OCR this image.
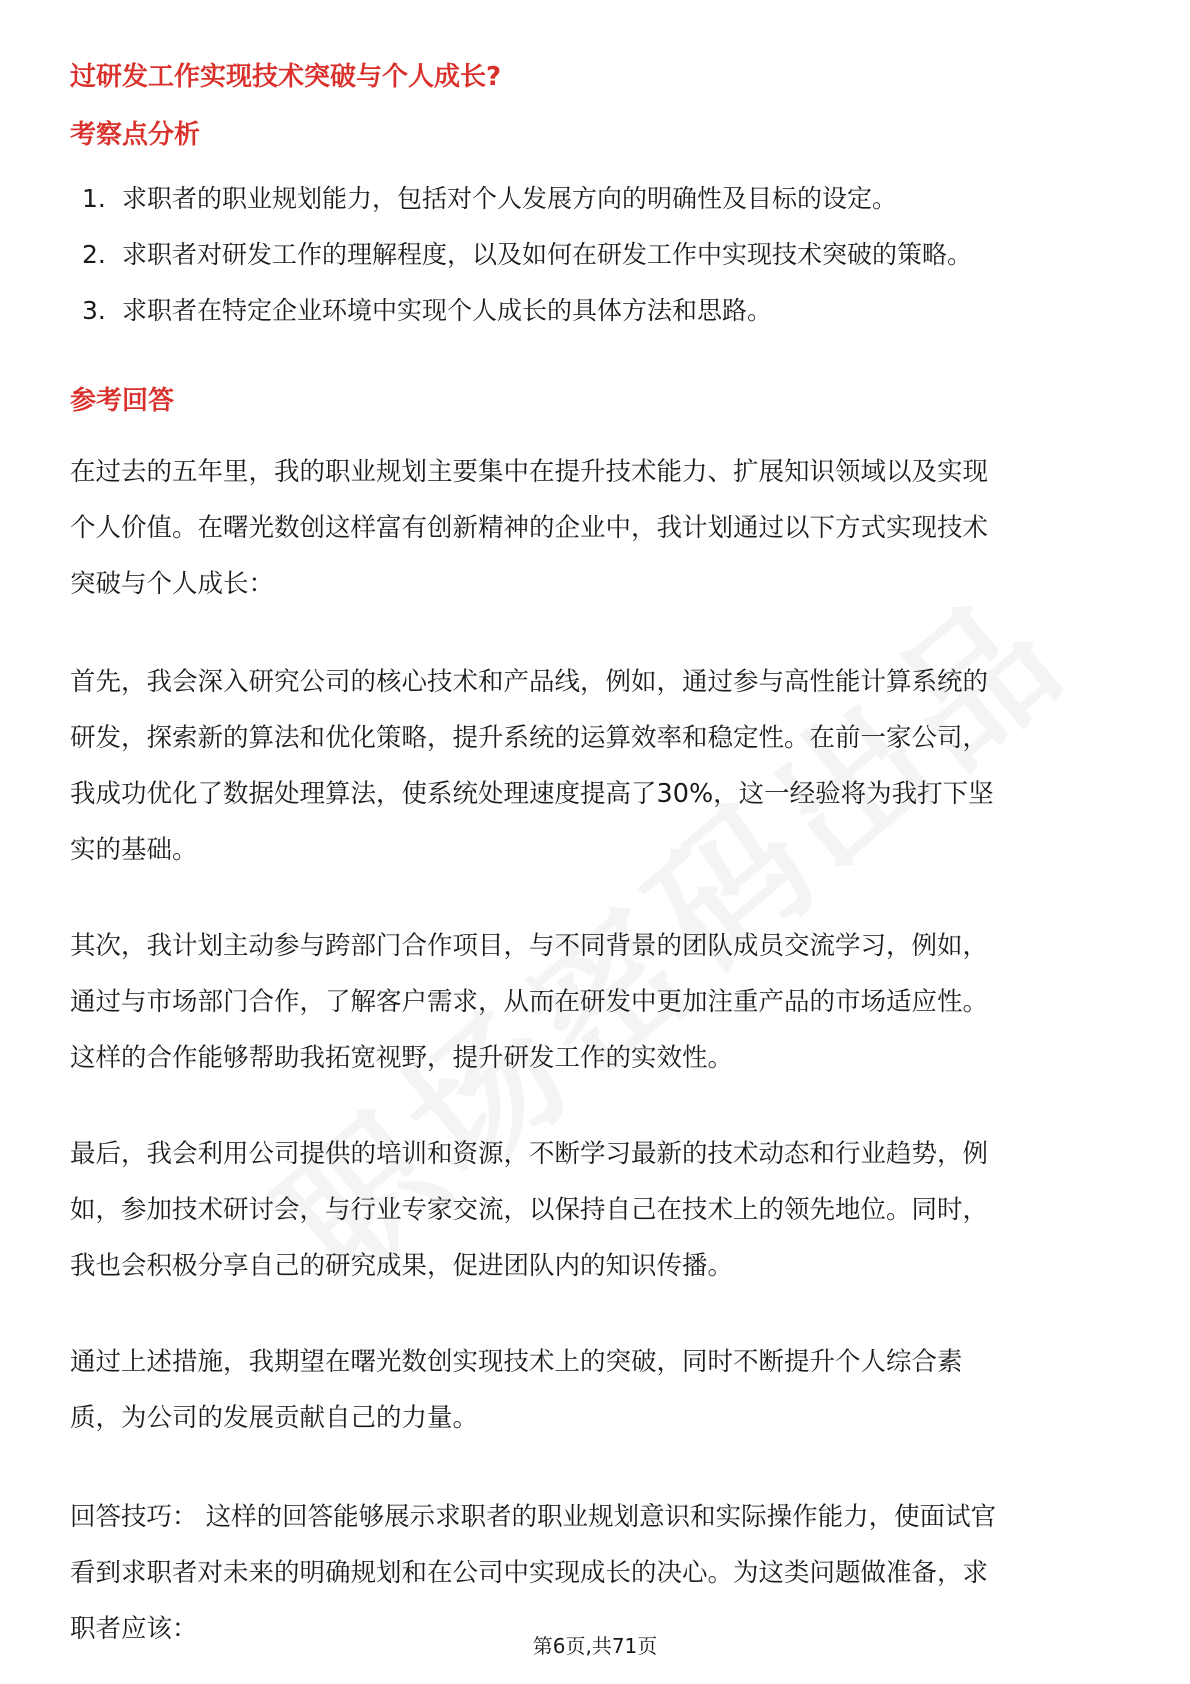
过研发工作实现技术突破与个人成长?
考察点分析
1. 求职者的职业规划能力，包括对个人发展方向的明确性及目标的设定。
2. 求职者对研发工作的理解程度，以及如何在研发工作中实现技术突破的策略。
3. 求职者在特定企业环境中实现个人成长的具体方法和思路。
参考回答

在过去的五年里，我的职业规划主要集中在提升技术能力、扩展知识领域以及实现
个人价值。在曙光数创这样富有创新精神的企业中，我计划通过以下方式实现技术
突破与个人成长：

首先，我会深入研究公司的核心技术和产品线，例如，通过参与高性能计算系统的
研发，探索新的算法和优化策略，提升系统的运算效率和稳定性。在前一家公司，
我成功优化了数据处理算法，使系统处理速度提高了30%，这一经验将为我打下坚
实的基础。

其次，我计划主动参与跨部门合作项目，与不同背景的团队成员交流学习，例如，
通过与市场部门合作，了解客户需求，从而在研发中更加注重产品的市场适应性。
这样的合作能够帮助我拓宽视野，提升研发工作的实效性。

最后，我会利用公司提供的培训和资源，不断学习最新的技术动态和行业趋势，例
如，参加技术研讨会，与行业专家交流，以保持自己在技术上的领先地位。同时，
我也会积极分享自己的研究成果，促进团队内的知识传播。

通过上述措施，我期望在曙光数创实现技术上的突破，同时不断提升个人综合素
质，为公司的发展贡献自己的力量。

回答技巧： 这样的回答能够展示求职者的职业规划意识和实际操作能力，使面试官
看到求职者对未来的明确规划和在公司中实现成长的决心。为这类问题做准备，求
职者应该：

第6页,共71页
